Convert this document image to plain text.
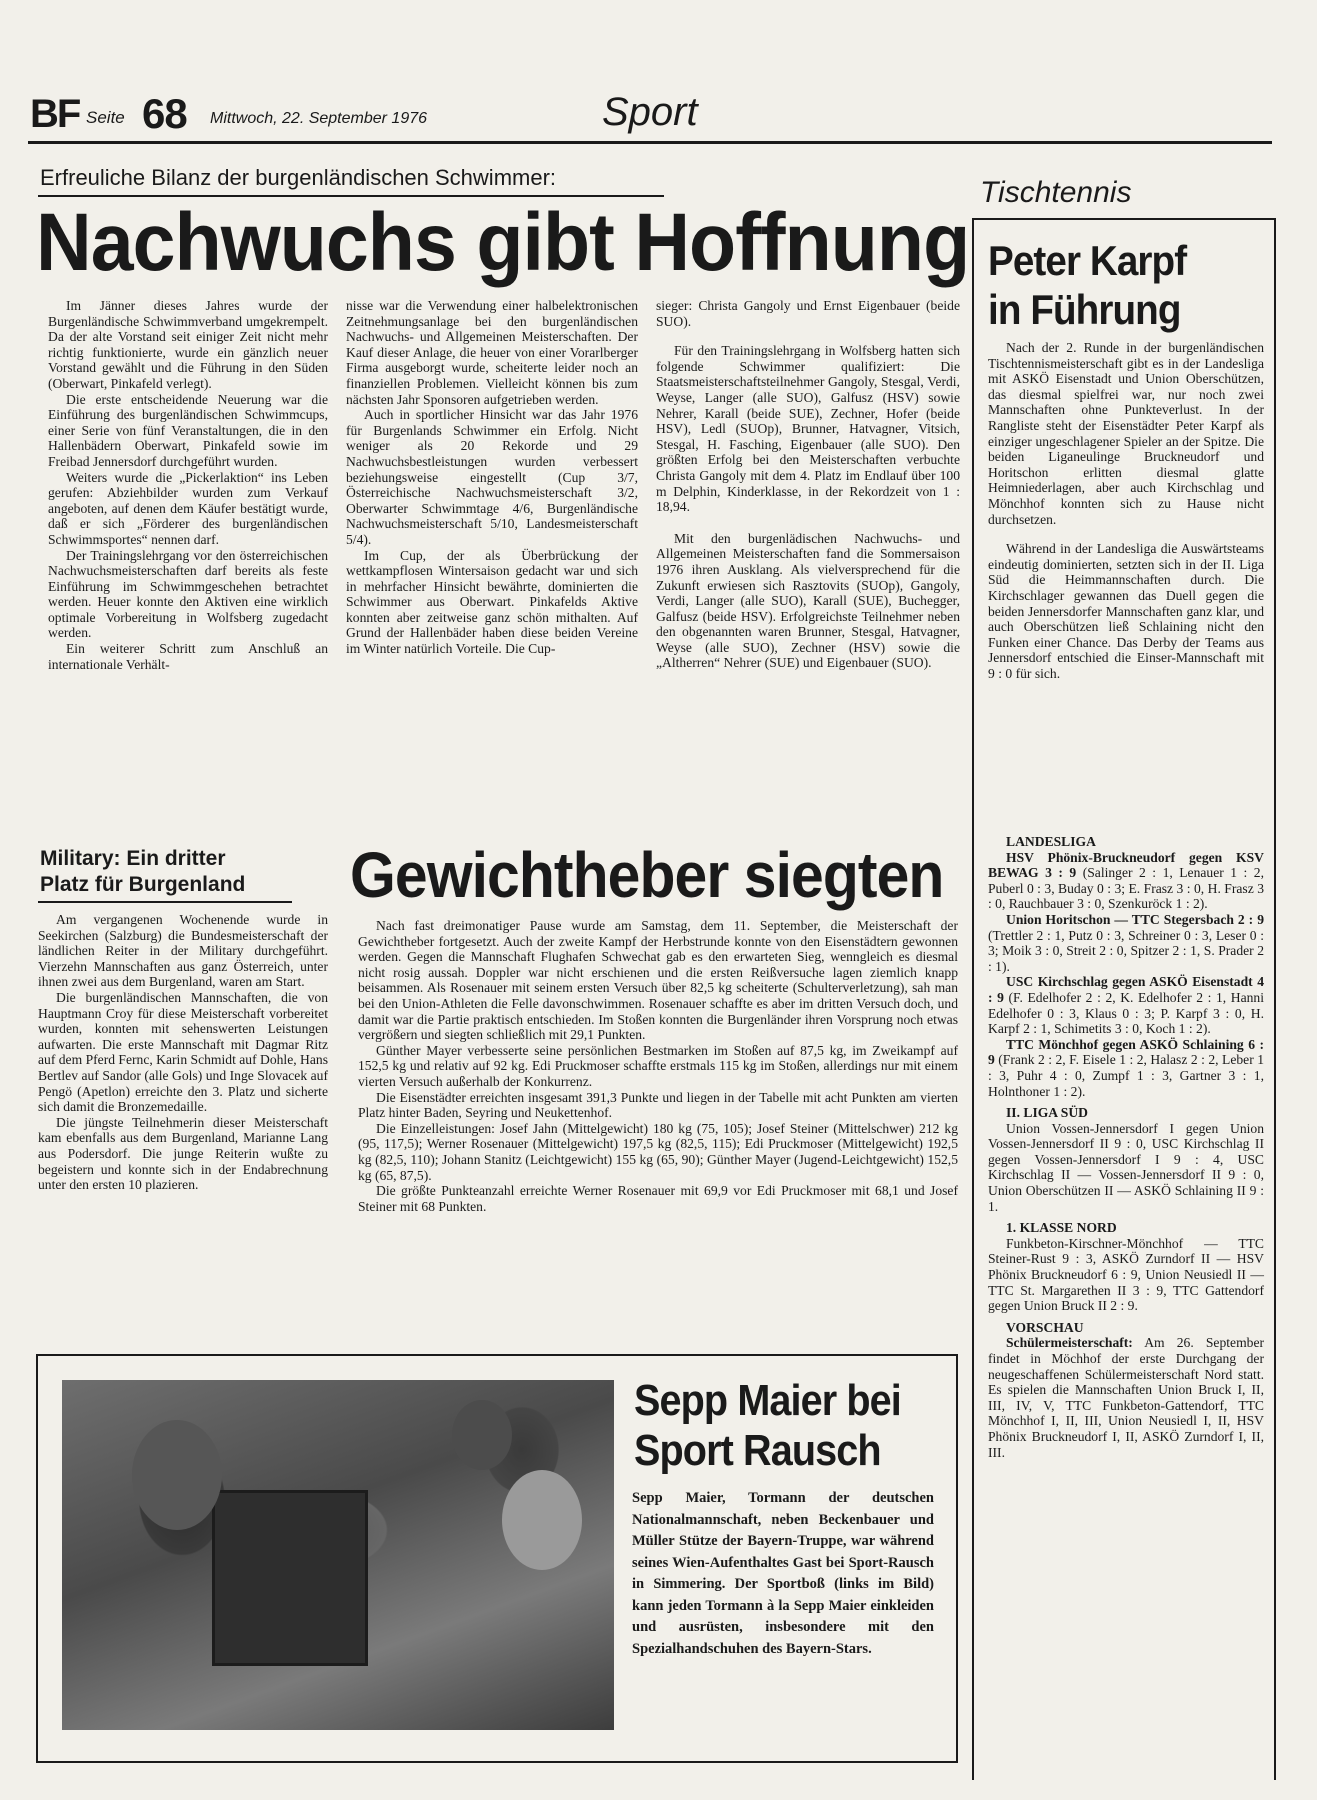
BF Seite 68 Mittwoch, 22. September 1976	Sport
Erfreuliche Bilanz der burgenländischen Schwimmer:
Nachwuchs gibt Hoffnung

Im Jänner dieses Jahres wurde der Burgenländische Schwimmverband umgekrempelt. Da der alte Vorstand seit einiger Zeit nicht mehr richtig funktionierte, wurde ein gänzlich neuer Vorstand gewählt und die Führung in den Süden (Oberwart, Pinkafeld verlegt).

Die erste entscheidende Neuerung war die Einführung des burgenländischen Schwimmcups, einer Serie von fünf Veranstaltungen, die in den Hallenbädern Oberwart, Pinkafeld sowie im Freibad Jennersdorf durchgeführt wurden.

Weiters wurde die „Pickerlaktion“ ins Leben gerufen: Abziehbilder wurden zum Verkauf angeboten, auf denen dem Käufer bestätigt wurde, daß er sich „Förderer des burgenländischen Schwimmsportes“ nennen darf.

Der Trainingslehrgang vor den österreichischen Nachwuchsmeisterschaften darf bereits als feste Einführung im Schwimmgeschehen betrachtet werden. Heuer konnte den Aktiven eine wirklich optimale Vorbereitung in Wolfsberg zugedacht werden.

Ein weiterer Schritt zum Anschluß an internationale Verhält-

nisse war die Verwendung einer halbelektronischen Zeitnehmungsanlage bei den burgenländischen Nachwuchs- und Allgemeinen Meisterschaften. Der Kauf dieser Anlage, die heuer von einer Vorarlberger Firma ausgeborgt wurde, scheiterte leider noch an finanziellen Problemen. Vielleicht können bis zum nächsten Jahr Sponsoren aufgetrieben werden.

Auch in sportlicher Hinsicht war das Jahr 1976 für Burgenlands Schwimmer ein Erfolg. Nicht weniger als 20 Rekorde und 29 Nachwuchsbestleistungen wurden verbessert beziehungsweise eingestellt (Cup 3/7, Österreichische Nachwuchsmeisterschaft 3/2, Oberwarter Schwimmtage 4/6, Burgenländische Nachwuchsmeisterschaft 5/10, Landesmeisterschaft 5/4).

Im Cup, der als Überbrückung der wettkampflosen Wintersaison gedacht war und sich in mehrfacher Hinsicht bewährte, dominierten die Schwimmer aus Oberwart. Pinkafelds Aktive konnten aber zeitweise ganz schön mithalten. Auf Grund der Hallenbäder haben diese beiden Vereine im Winter natürlich Vorteile. Die Cup-

sieger: Christa Gangoly und Ernst Eigenbauer (beide SUO).

Für den Trainingslehrgang in Wolfsberg hatten sich folgende Schwimmer qualifiziert: Die Staatsmeisterschaftsteilnehmer Gangoly, Stesgal, Verdi, Weyse, Langer (alle SUO), Galfusz (HSV) sowie Nehrer, Karall (beide SUE), Zechner, Hofer (beide HSV), Ledl (SUOp), Brunner, Hatvagner, Vitsich, Stesgal, H. Fasching, Eigenbauer (alle SUO). Den größten Erfolg bei den Meisterschaften verbuchte Christa Gangoly mit dem 4. Platz im Endlauf über 100 m Delphin, Kinderklasse, in der Rekordzeit von 1 : 18,94.

Mit den burgenlädischen Nachwuchs- und Allgemeinen Meisterschaften fand die Sommersaison 1976 ihren Ausklang. Als vielversprechend für die Zukunft erwiesen sich Rasztovits (SUOp), Gangoly, Verdi, Langer (alle SUO), Karall (SUE), Buchegger, Galfusz (beide HSV). Erfolgreichste Teilnehmer neben den obgenannten waren Brunner, Stesgal, Hatvagner, Weyse (alle SUO), Zechner (HSV) sowie die „Altherren“ Nehrer (SUE) und Eigenbauer (SUO).

Military: Ein dritter
Platz für Burgenland

Am vergangenen Wochenende wurde in Seekirchen (Salzburg) die Bundesmeisterschaft der ländlichen Reiter in der Military durchgeführt. Vierzehn Mannschaften aus ganz Österreich, unter ihnen zwei aus dem Burgenland, waren am Start.

Die burgenländischen Mannschaften, die von Hauptmann Croy für diese Meisterschaft vorbereitet wurden, konnten mit sehenswerten Leistungen aufwarten. Die erste Mannschaft mit Dagmar Ritz auf dem Pferd Fernc, Karin Schmidt auf Dohle, Hans Bertlev auf Sandor (alle Gols) und Inge Slovacek auf Pengö (Apetlon) erreichte den 3. Platz und sicherte sich damit die Bronzemedaille.

Die jüngste Teilnehmerin dieser Meisterschaft kam ebenfalls aus dem Burgenland, Marianne Lang aus Podersdorf. Die junge Reiterin wußte zu begeistern und konnte sich in der Endabrechnung unter den ersten 10 plazieren.

Gewichtheber siegten

Nach fast dreimonatiger Pause wurde am Samstag, dem 11. September, die Meisterschaft der Gewichtheber fortgesetzt. Auch der zweite Kampf der Herbstrunde konnte von den Eisenstädtern gewonnen werden. Gegen die Mannschaft Flughafen Schwechat gab es den erwarteten Sieg, wenngleich es diesmal nicht rosig aussah. Doppler war nicht erschienen und die ersten Reißversuche lagen ziemlich knapp beisammen. Als Rosenauer mit seinem ersten Versuch über 82,5 kg scheiterte (Schulterverletzung), sah man bei den Union-Athleten die Felle davonschwimmen. Rosenauer schaffte es aber im dritten Versuch doch, und damit war die Partie praktisch entschieden. Im Stoßen konnten die Burgenländer ihren Vorsprung noch etwas vergrößern und siegten schließlich mit 29,1 Punkten.

Günther Mayer verbesserte seine persönlichen Bestmarken im Stoßen auf 87,5 kg, im Zweikampf auf 152,5 kg und relativ auf 92 kg. Edi Pruckmoser schaffte erstmals 115 kg im Stoßen, allerdings nur mit einem vierten Versuch außerhalb der Konkurrenz.

Die Eisenstädter erreichten insgesamt 391,3 Punkte und liegen in der Tabelle mit acht Punkten am vierten Platz hinter Baden, Seyring und Neukettenhof.

Die Einzelleistungen: Josef Jahn (Mittelgewicht) 180 kg (75, 105); Josef Steiner (Mittelschwer) 212 kg (95, 117,5); Werner Rosenauer (Mittelgewicht) 197,5 kg (82,5, 115); Edi Pruckmoser (Mittelgewicht) 192,5 kg (82,5, 110); Johann Stanitz (Leichtgewicht) 155 kg (65, 90); Günther Mayer (Jugend-Leichtgewicht) 152,5 kg (65, 87,5).

Die größte Punkteanzahl erreichte Werner Rosenauer mit 69,9 vor Edi Pruckmoser mit 68,1 und Josef Steiner mit 68 Punkten.

Sepp Maier bei
Sport Rausch
Sepp Maier, Tormann der deutschen Nationalmannschaft, neben Beckenbauer und Müller Stütze der Bayern-Truppe, war während seines Wien-Aufenthaltes Gast bei Sport-Rausch in Simmering. Der Sportboß (links im Bild) kann jeden Tormann à la Sepp Maier einkleiden und ausrüsten, insbesondere mit den Spezialhandschuhen des Bayern-Stars.
Tischtennis
Peter Karpf
in Führung

Nach der 2. Runde in der burgenländischen Tischtennismeisterschaft gibt es in der Landesliga mit ASKÖ Eisenstadt und Union Oberschützen, das diesmal spielfrei war, nur noch zwei Mannschaften ohne Punkteverlust. In der Rangliste steht der Eisenstädter Peter Karpf als einziger ungeschlagener Spieler an der Spitze. Die beiden Liganeulinge Bruckneudorf und Horitschon erlitten diesmal glatte Heimniederlagen, aber auch Kirchschlag und Mönchhof konnten sich zu Hause nicht durchsetzen.

Während in der Landesliga die Auswärtsteams eindeutig dominierten, setzten sich in der II. Liga Süd die Heimmannschaften durch. Die Kirchschlager gewannen das Duell gegen die beiden Jennersdorfer Mannschaften ganz klar, und auch Oberschützen ließ Schlaining nicht den Funken einer Chance. Das Derby der Teams aus Jennersdorf entschied die Einser-Mannschaft mit 9 : 0 für sich.

LANDESLIGA

HSV Phönix-Bruckneudorf gegen KSV BEWAG 3 : 9 (Salinger 2 : 1, Lenauer 1 : 2, Puberl 0 : 3, Buday 0 : 3; E. Frasz 3 : 0, H. Frasz 3 : 0, Rauchbauer 3 : 0, Szenkuröck 1 : 2).

Union Horitschon — TTC Stegersbach 2 : 9 (Trettler 2 : 1, Putz 0 : 3, Schreiner 0 : 3, Leser 0 : 3; Moik 3 : 0, Streit 2 : 0, Spitzer 2 : 1, S. Prader 2 : 1).

USC Kirchschlag gegen ASKÖ Eisenstadt 4 : 9 (F. Edelhofer 2 : 2, K. Edelhofer 2 : 1, Hanni Edelhofer 0 : 3, Klaus 0 : 3; P. Karpf 3 : 0, H. Karpf 2 : 1, Schimetits 3 : 0, Koch 1 : 2).

TTC Mönchhof gegen ASKÖ Schlaining 6 : 9 (Frank 2 : 2, F. Eisele 1 : 2, Halasz 2 : 2, Leber 1 : 3, Puhr 4 : 0, Zumpf 1 : 3, Gartner 3 : 1, Holnthoner 1 : 2).

II. LIGA SÜD

Union Vossen-Jennersdorf I gegen Union Vossen-Jennersdorf II 9 : 0, USC Kirchschlag II gegen Vossen-Jennersdorf I 9 : 4, USC Kirchschlag II — Vossen-Jennersdorf II 9 : 0, Union Oberschützen II — ASKÖ Schlaining II 9 : 1.

1. KLASSE NORD

Funkbeton-Kirschner-Mönchhof — TTC Steiner-Rust 9 : 3, ASKÖ Zurndorf II — HSV Phönix Bruckneudorf 6 : 9, Union Neusiedl II — TTC St. Margarethen II 3 : 9, TTC Gattendorf gegen Union Bruck II 2 : 9.

VORSCHAU

Schülermeisterschaft: Am 26. September findet in Möchhof der erste Durchgang der neugeschaffenen Schülermeisterschaft Nord statt. Es spielen die Mannschaften Union Bruck I, II, III, IV, V, TTC Funkbeton-Gattendorf, TTC Mönchhof I, II, III, Union Neusiedl I, II, HSV Phönix Bruckneudorf I, II, ASKÖ Zurndorf I, II, III.
